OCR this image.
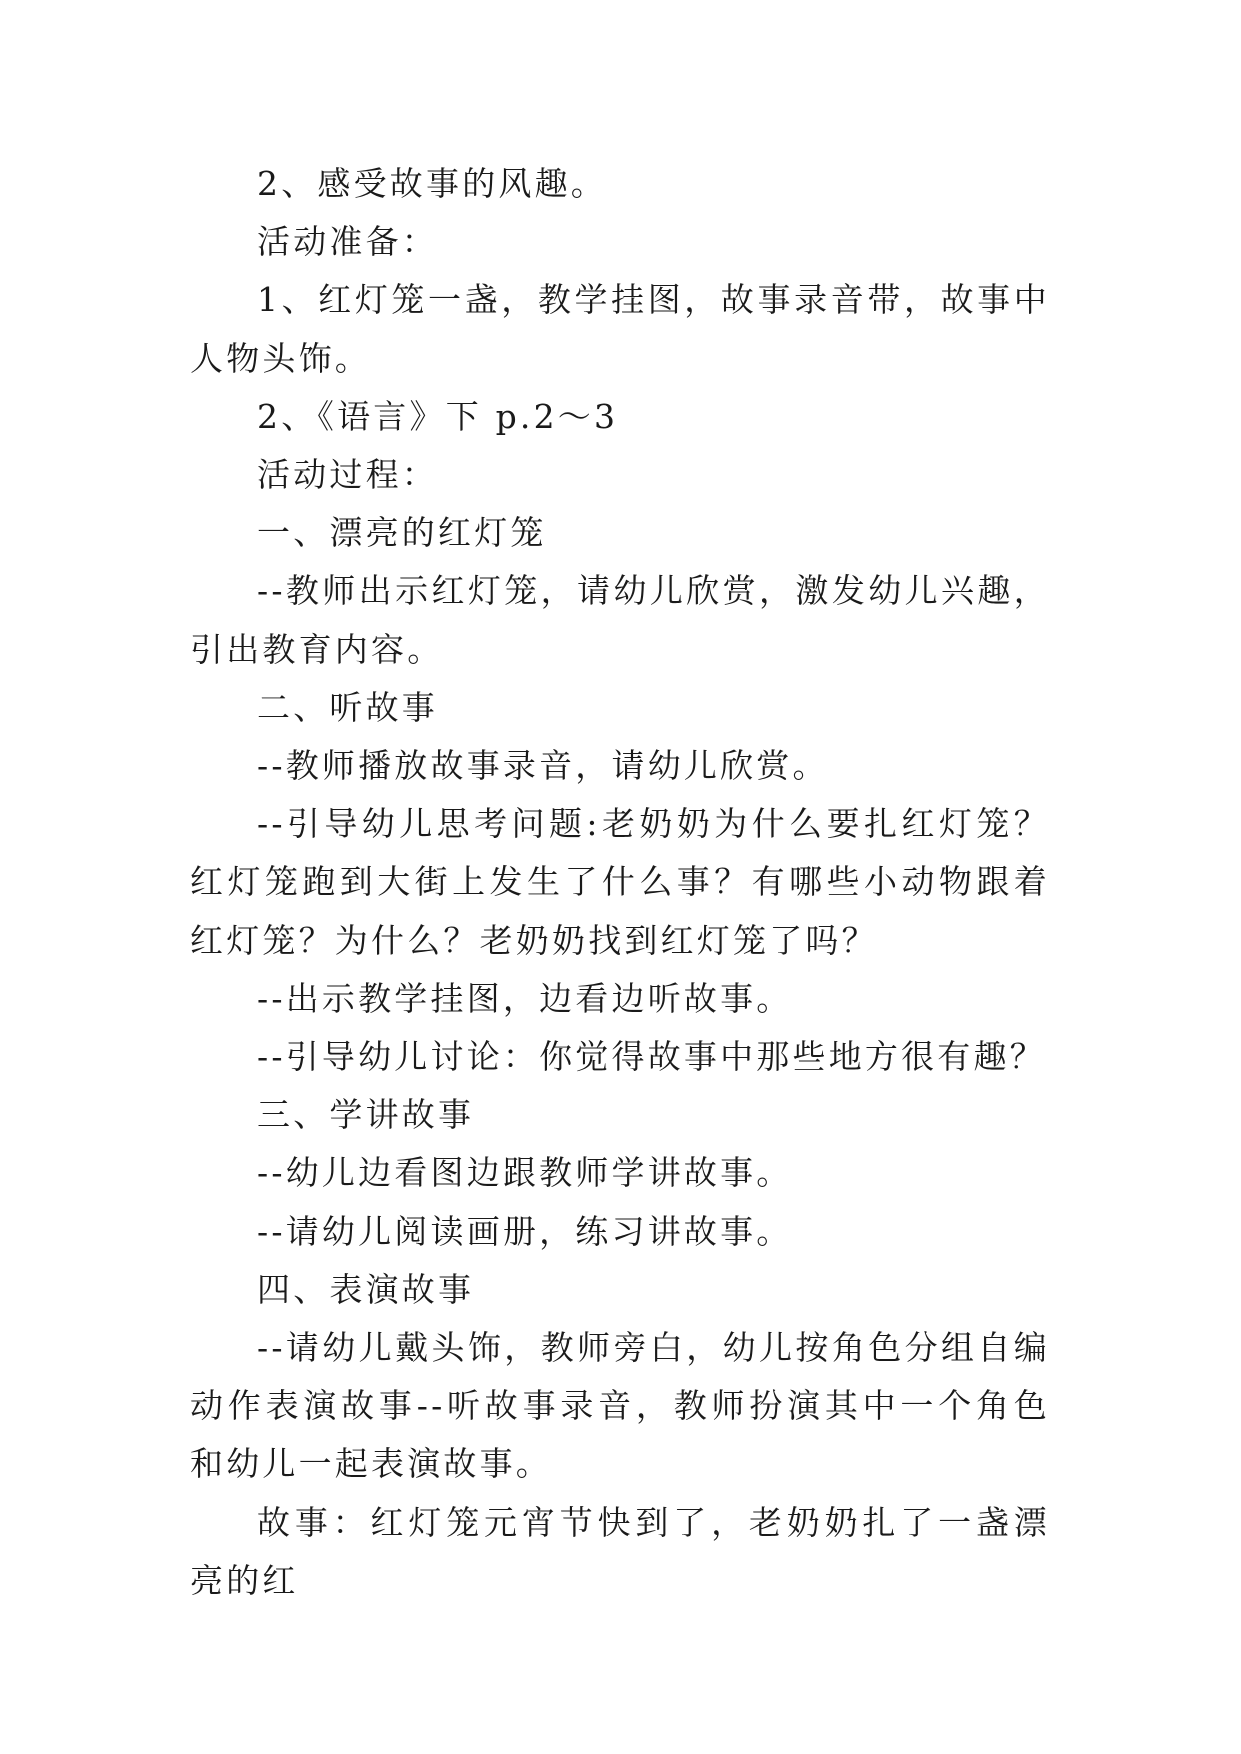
2、感受故事的风趣。

活动准备：

1、红灯笼一盏，教学挂图，故事录音带，故事中人物头饰。

2、《语言》下 p.2～3

活动过程：

一、漂亮的红灯笼

--教师出示红灯笼，请幼儿欣赏，激发幼儿兴趣，引出教育内容。

二、听故事

--教师播放故事录音，请幼儿欣赏。

--引导幼儿思考问题:老奶奶为什么要扎红灯笼？红灯笼跑到大街上发生了什么事？有哪些小动物跟着红灯笼？为什么？老奶奶找到红灯笼了吗？

--出示教学挂图，边看边听故事。

--引导幼儿讨论：你觉得故事中那些地方很有趣？

三、学讲故事

--幼儿边看图边跟教师学讲故事。

--请幼儿阅读画册，练习讲故事。

四、表演故事

--请幼儿戴头饰，教师旁白，幼儿按角色分组自编动作表演故事--听故事录音，教师扮演其中一个角色和幼儿一起表演故事。

故事：红灯笼元宵节快到了，老奶奶扎了一盏漂亮的红
